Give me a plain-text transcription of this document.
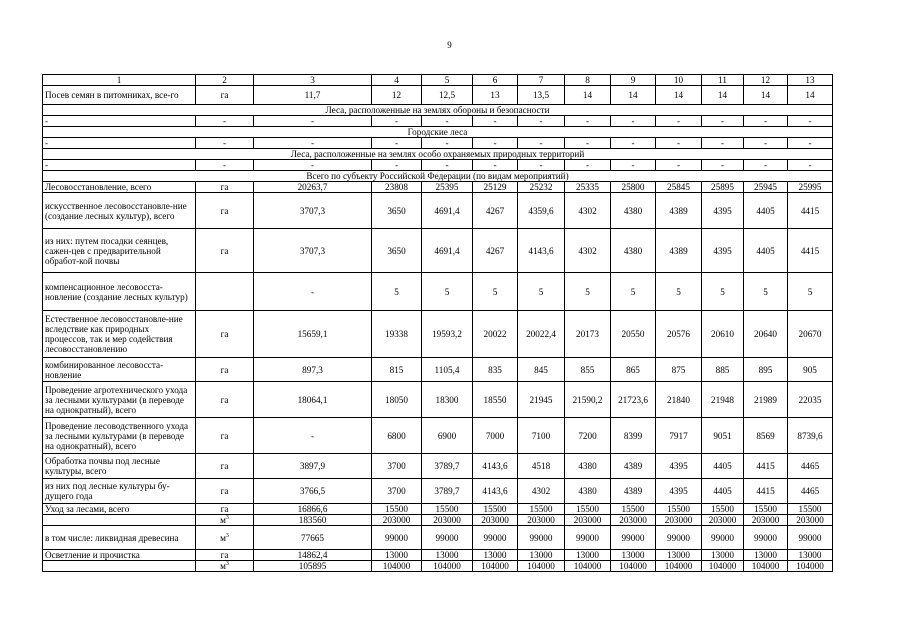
9
1	2	3	4	5	6	7	8	9	10	11	12	13
Посев семян в питомниках, все-го	га	11,7	12	12,5	13	13,5	14	14	14	14	14	14
Леса, расположенные на землях обороны и безопасности												
-	-	-	-	-	-	-	-	-	-	-	-	-
Городские леса												
-	-	-	-	-	-	-	-	-	-	-	-	-
Леса, расположенные на землях особо охраняемых природных территорий												
-	-	-	-	-	-	-	-	-	-	-	-	-
Всего по субъекту Российской Федерации (по видам мероприятий)												
Лесовосстановление, всего	га	20263,7	23808	25395	25129	25232	25335	25800	25845	25895	25945	25995
искусственное лесовосстановле-ние (создание лесных культур), всего	га	3707,3	3650	4691,4	4267	4359,6	4302	4380	4389	4395	4405	4415
из них: путем посадки сеянцев, сажен-цев с предварительной обработ-кой почвы	га	3707,3	3650	4691,4	4267	4143,6	4302	4380	4389	4395	4405	4415
компенсационное лесовосста-новление (создание лесных культур)		-	5	5	5	5	5	5	5	5	5	5
Естественное лесовосстановле-ние вследствие как природных процессов, так и мер содействия лесовосстановлению	га	15659,1	19338	19593,2	20022	20022,4	20173	20550	20576	20610	20640	20670
комбинированное лесовосста-новление	га	897,3	815	1105,4	835	845	855	865	875	885	895	905
Проведение агротехнического ухода за лесными культурами (в переводе на однократный), всего	га	18064,1	18050	18300	18550	21945	21590,2	21723,6	21840	21948	21989	22035
Проведение лесоводственного ухода за лесными культурами (в переводе на однократный), всего	га	-	6800	6900	7000	7100	7200	8399	7917	9051	8569	8739,6
Обработка почвы под лесные культуры, всего	га	3897,9	3700	3789,7	4143,6	4518	4380	4389	4395	4405	4415	4465
из них под лесные культуры бу-дущего года	га	3766,5	3700	3789,7	4143,6	4302	4380	4389	4395	4405	4415	4465
Уход за лесами, всего	га	16866,6	15500	15500	15500	15500	15500	15500	15500	15500	15500	15500
	$м^3$	183560	203000	203000	203000	203000	203000	203000	203000	203000	203000	203000
в том числе: ликвидная древесина	$м^3$	77665	99000	99000	99000	99000	99000	99000	99000	99000	99000	99000
Осветление и прочистка	га	14862,4	13000	13000	13000	13000	13000	13000	13000	13000	13000	13000
	$м^3$	105895	104000	104000	104000	104000	104000	104000	104000	104000	104000	104000
